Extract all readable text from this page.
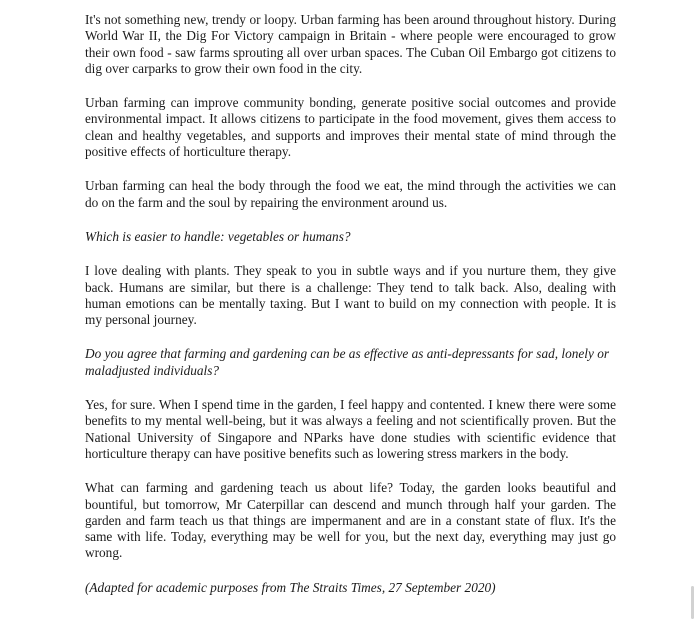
It's not something new, trendy or loopy. Urban farming has been around throughout history. During World War II, the Dig For Victory campaign in Britain - where people were encouraged to grow their own food - saw farms sprouting all over urban spaces. The Cuban Oil Embargo got citizens to dig over carparks to grow their own food in the city.

Urban farming can improve community bonding, generate positive social outcomes and provide environmental impact. It allows citizens to participate in the food movement, gives them access to clean and healthy vegetables, and supports and improves their mental state of mind through the positive effects of horticulture therapy.

Urban farming can heal the body through the food we eat, the mind through the activities we can do on the farm and the soul by repairing the environment around us.

Which is easier to handle: vegetables or humans?

I love dealing with plants. They speak to you in subtle ways and if you nurture them, they give back. Humans are similar, but there is a challenge: They tend to talk back. Also, dealing with human emotions can be mentally taxing. But I want to build on my connection with people. It is my personal journey.

Do you agree that farming and gardening can be as effective as anti-depressants for sad, lonely or maladjusted individuals?

Yes, for sure. When I spend time in the garden, I feel happy and contented. I knew there were some benefits to my mental well-being, but it was always a feeling and not scientifically proven. But the National University of Singapore and NParks have done studies with scientific evidence that horticulture therapy can have positive benefits such as lowering stress markers in the body.

What can farming and gardening teach us about life? Today, the garden looks beautiful and bountiful, but tomorrow, Mr Caterpillar can descend and munch through half your garden. The garden and farm teach us that things are impermanent and are in a constant state of flux. It's the same with life. Today, everything may be well for you, but the next day, everything may just go wrong.

(Adapted for academic purposes from The Straits Times, 27 September 2020)
